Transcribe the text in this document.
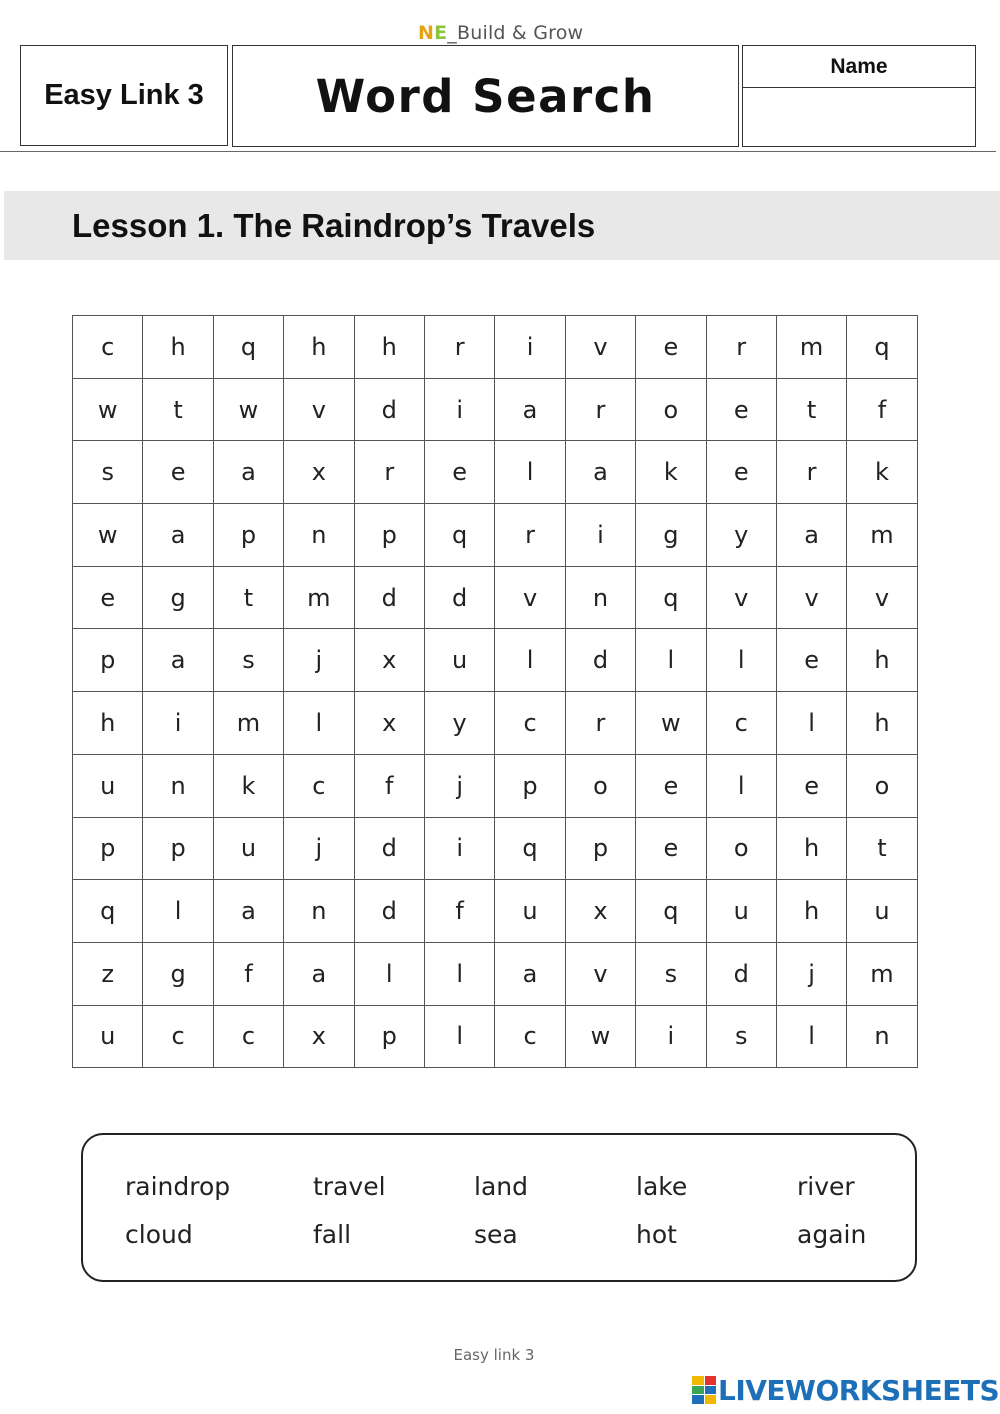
NE_Build & Grow
Easy Link 3	Word Search
Name
Lesson 1. The Raindrop’s Travels
c	h	q	h	h	r	i	v	e	r	m	q
w	t	w	v	d	i	a	r	o	e	t	f
s	e	a	x	r	e	l	a	k	e	r	k
w	a	p	n	p	q	r	i	g	y	a	m
e	g	t	m	d	d	v	n	q	v	v	v
p	a	s	j	x	u	l	d	l	l	e	h
h	i	m	l	x	y	c	r	w	c	l	h
u	n	k	c	f	j	p	o	e	l	e	o
p	p	u	j	d	i	q	p	e	o	h	t
q	l	a	n	d	f	u	x	q	u	h	u
z	g	f	a	l	l	a	v	s	d	j	m
u	c	c	x	p	l	c	w	i	s	l	n
raindrop	travel	land	lake	river
cloud	fall	sea	hot	again
Easy link 3
LIVEWORKSHEETS
